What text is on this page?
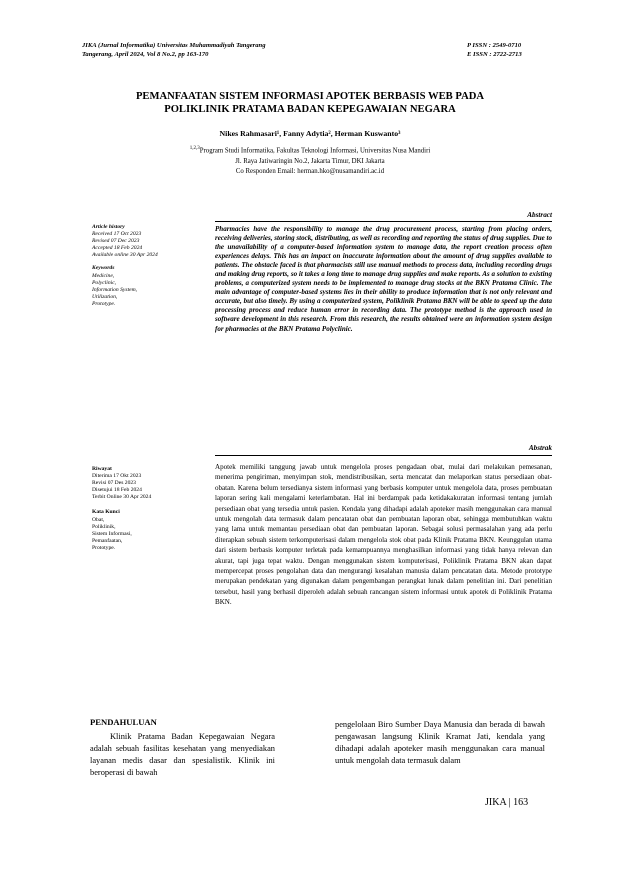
JIKA (Jurnal Informatika) Universitas Muhammadiyah Tangerang
Tangerang, April 2024, Vol 8 No.2, pp 163-170
P ISSN : 2549-0710
E ISSN : 2722-2713
PEMANFAATAN SISTEM INFORMASI APOTEK BERBASIS WEB PADA
POLIKLINIK PRATAMA BADAN KEPEGAWAIAN NEGARA
Nikes Rahmasari¹, Fanny Adytia², Herman Kuswanto³
$^{1,2,3}$Program Studi Informatika, Fakultas Teknologi Informasi, Universitas Nusa Mandiri
Jl. Raya Jatiwaringin No.2, Jakarta Timur, DKI Jakarta
Co Responden Email: herman.hko@nusamandiri.ac.id
Abstract
Article history
Received 17 Oct 2023
Revised 07 Dec 2023
Accepted 18 Feb 2024
Available online 30 Apr 2024
Keywords
Medicine,
Polyclinic,
Information System,
Utilization,
Prototype.
Pharmacies have the responsibility to manage the drug procurement process, starting from placing orders, receiving deliveries, storing stock, distributing, as well as recording and reporting the status of drug supplies. Due to the unavailability of a computer-based information system to manage data, the report creation process often experiences delays. This has an impact on inaccurate information about the amount of drug supplies available to patients. The obstacle faced is that pharmacists still use manual methods to process data, including recording drugs and making drug reports, so it takes a long time to manage drug supplies and make reports. As a solution to existing problems, a computerized system needs to be implemented to manage drug stocks at the BKN Pratama Clinic. The main advantage of computer-based systems lies in their ability to produce information that is not only relevant and accurate, but also timely. By using a computerized system, Poliklinik Pratama BKN will be able to speed up the data processing process and reduce human error in recording data. The prototype method is the approach used in software development in this research. From this research, the results obtained were an information system design for pharmacies at the BKN Pratama Polyclinic.
Abstrak
Riwayat
Diterima 17 Okt 2023
Revisi 07 Des 2023
Disetujui 18 Feb 2024
Terbit Online 30 Apr 2024
Kata Kunci
Obat,
Poliklinik,
Sistem Informasi,
Pemanfaatan,
Prototype.
Apotek memiliki tanggung jawab untuk mengelola proses pengadaan obat, mulai dari melakukan pemesanan, menerima pengiriman, menyimpan stok, mendistribusikan, serta mencatat dan melaporkan status persediaan obat-obatan. Karena belum tersedianya sistem informasi yang berbasis komputer untuk mengelola data, proses pembuatan laporan sering kali mengalami keterlambatan. Hal ini berdampak pada ketidakakuratan informasi tentang jumlah persediaan obat yang tersedia untuk pasien. Kendala yang dihadapi adalah apoteker masih menggunakan cara manual untuk mengolah data termasuk dalam pencatatan obat dan pembuatan laporan obat, sehingga membutuhkan waktu yang lama untuk memantau persediaan obat dan pembuatan laporan. Sebagai solusi permasalahan yang ada perlu diterapkan sebuah sistem terkomputerisasi dalam mengelola stok obat pada Klinik Pratama BKN. Keunggulan utama dari sistem berbasis komputer terletak pada kemampuannya menghasilkan informasi yang tidak hanya relevan dan akurat, tapi juga tepat waktu. Dengan menggunakan sistem komputerisasi, Poliklinik Pratama BKN akan dapat mempercepat proses pengolahan data dan mengurangi kesalahan manusia dalam pencatatan data. Metode prototype merupakan pendekatan yang digunakan dalam pengembangan perangkat lunak dalam penelitian ini. Dari penelitian tersebut, hasil yang berhasil diperoleh adalah sebuah rancangan sistem informasi untuk apotek di Poliklinik Pratama BKN.
PENDAHULUAN
Klinik Pratama Badan Kepegawaian Negara adalah sebuah fasilitas kesehatan yang menyediakan layanan medis dasar dan spesialistik. Klinik ini beroperasi di bawah
pengelolaan Biro Sumber Daya Manusia dan berada di bawah pengawasan langsung Klinik Kramat Jati, kendala yang dihadapi adalah apoteker masih menggunakan cara manual untuk mengolah data termasuk dalam
JIKA | 163
